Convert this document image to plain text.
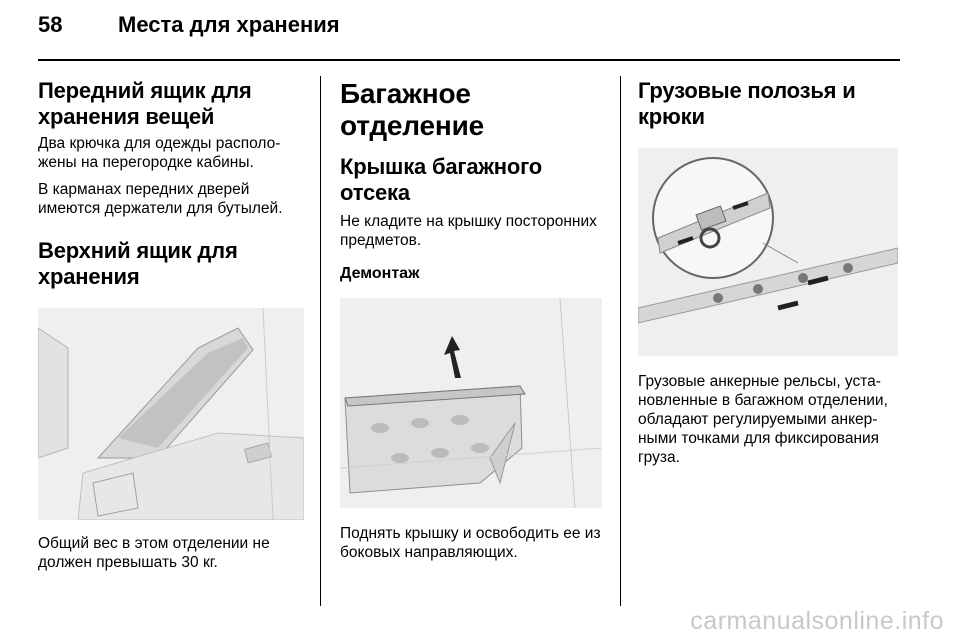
58	Места для хранения
Передний ящик для хранения вещей

Два крючка для одежды располо-жены на перегородке кабины.

В карманах передних дверей имеются держатели для бутылей.

Верхний ящик для хранения

Общий вес в этом отделении не должен превышать 30 кг.

Багажное отделение
Крышка багажного отсека

Не кладите на крышку посторонних предметов.

Демонтаж

Поднять крышку и освободить ее из боковых направляющих.

Грузовые полозья и крюки

Грузовые анкерные рельсы, уста-новленные в багажном отделении, обладают регулируемыми анкер-ными точками для фиксирования груза.

carmanualsonline.info
